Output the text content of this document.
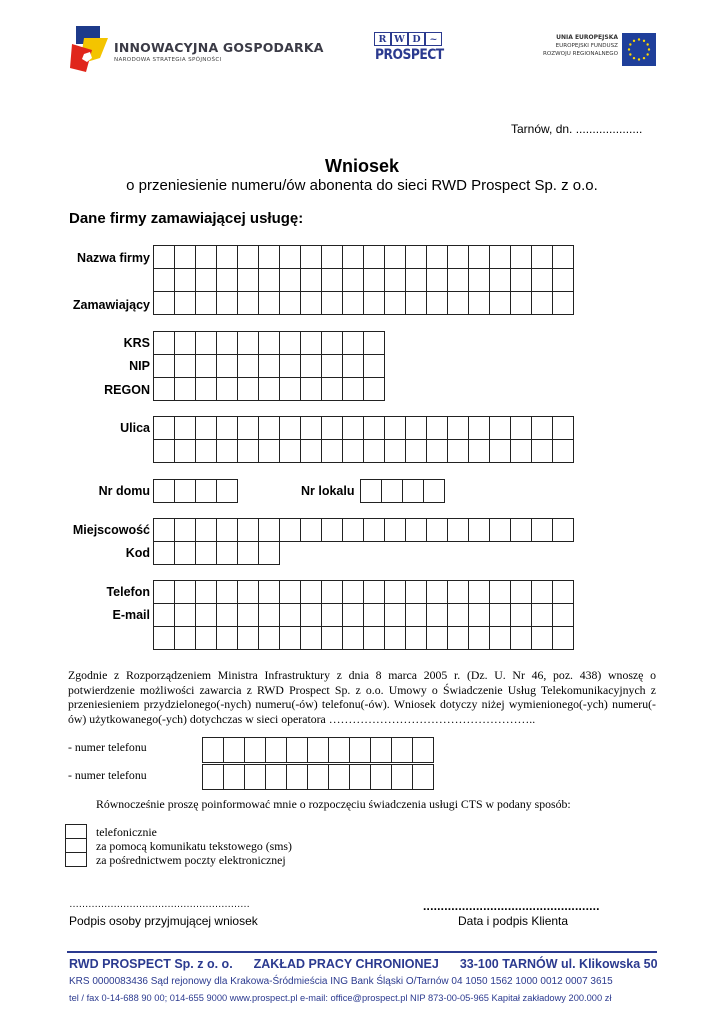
INNOWACYJNA GOSPODARKA
NARODOWA STRATEGIA SPÓJNOŚCI
R W D ~
PROSPECT
UNIA EUROPEJSKA
EUROPEJSKI FUNDUSZ
ROZWOJU REGIONALNEGO
Tarnów, dn. ....................
Wniosek
o przeniesienie numeru/ów abonenta do sieci RWD Prospect Sp. z o.o.
Dane firmy zamawiającej usługę:
Nazwa firmy
Zamawiający
KRS
NIP
REGON
Ulica
Nr domu	Nr lokalu
Miejscowość
Kod
Telefon
E-mail
Zgodnie z Rozporządzeniem Ministra Infrastruktury z dnia 8 marca 2005 r. (Dz. U. Nr 46, poz. 438) wnoszę o potwierdzenie możliwości zawarcia z RWD Prospect Sp. z o.o. Umowy o Świadczenie Usług Telekomunikacyjnych z przeniesieniem przydzielonego(-nych) numeru(-ów) telefonu(-ów). Wniosek dotyczy niżej wymienionego(-ych) numeru(-ów) użytkowanego(-ych) dotychczas w sieci operatora ……………………………………………..
- numer telefonu
- numer telefonu
Równocześnie proszę poinformować mnie o rozpoczęciu świadczenia usługi CTS w podany sposób:
telefonicznie
za pomocą komunikatu tekstowego (sms)
za pośrednictwem poczty elektronicznej
…………………………………………………
Podpis osoby przyjmującej wniosek
..................................................
Data i podpis Klienta
RWD PROSPECT Sp. z o. o. ZAKŁAD PRACY CHRONIONEJ 33-100 TARNÓW ul. Klikowska 50
KRS 0000083436 Sąd rejonowy dla Krakowa-Śródmieścia ING Bank Śląski O/Tarnów 04 1050 1562 1000 0012 0007 3615
tel / fax 0-14-688 90 00; 014-655 9000 www.prospect.pl e-mail: office@prospect.pl NIP 873-00-05-965 Kapitał zakładowy 200.000 zł
